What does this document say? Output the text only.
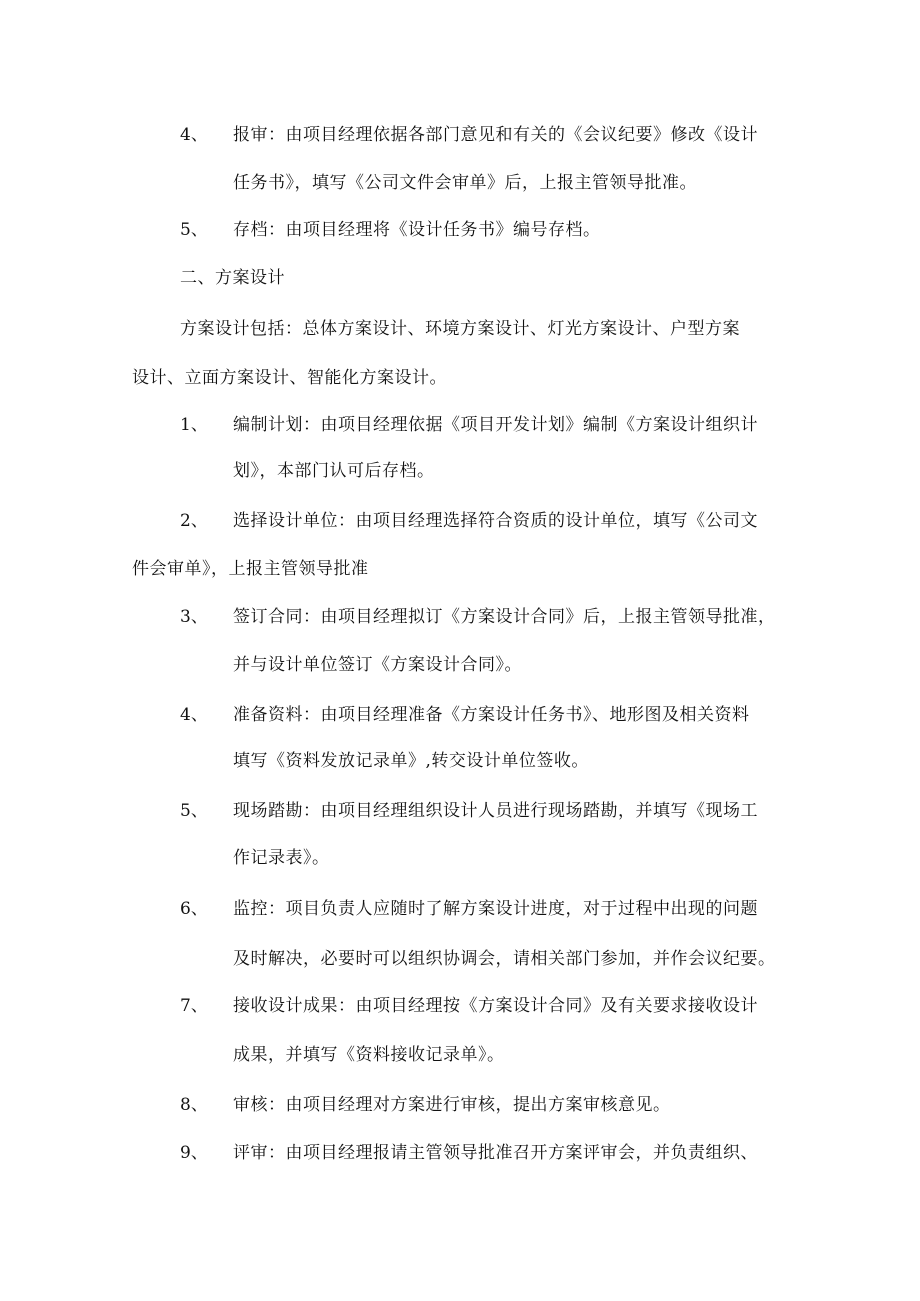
4、 报审：由项目经理依据各部门意见和有关的《会议纪要》修改《设计
任务书》，填写《公司文件会审单》后，上报主管领导批准。
5、 存档：由项目经理将《设计任务书》编号存档。
二、方案设计
方案设计包括：总体方案设计、环境方案设计、灯光方案设计、户型方案
设计、立面方案设计、智能化方案设计。
1、 编制计划：由项目经理依据《项目开发计划》编制《方案设计组织计
划》，本部门认可后存档。
2、 选择设计单位：由项目经理选择符合资质的设计单位，填写《公司文
件会审单》，上报主管领导批准
3、 签订合同：由项目经理拟订《方案设计合同》后，上报主管领导批准，
并与设计单位签订《方案设计合同》。
4、 准备资料：由项目经理准备《方案设计任务书》、地形图及相关资料
填写《资料发放记录单》,转交设计单位签收。
5、 现场踏勘：由项目经理组织设计人员进行现场踏勘，并填写《现场工
作记录表》。
6、 监控：项目负责人应随时了解方案设计进度，对于过程中出现的问题
及时解决，必要时可以组织协调会，请相关部门参加，并作会议纪要。
7、 接收设计成果：由项目经理按《方案设计合同》及有关要求接收设计
成果，并填写《资料接收记录单》。
8、 审核：由项目经理对方案进行审核，提出方案审核意见。
9、 评审：由项目经理报请主管领导批准召开方案评审会，并负责组织、
